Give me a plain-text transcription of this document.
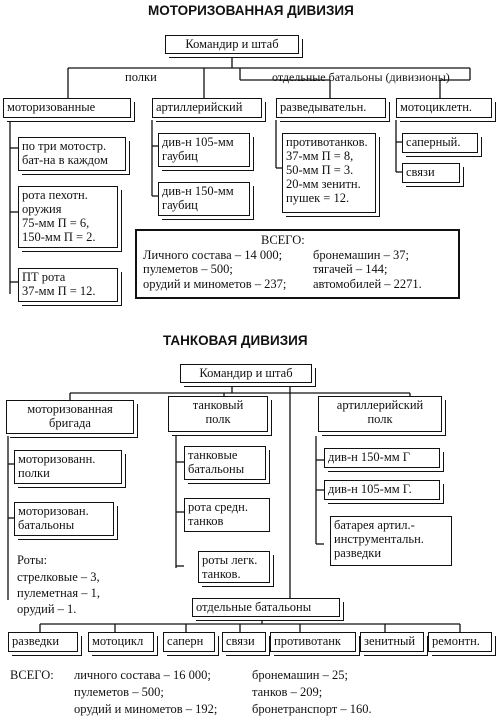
МОТОРИЗОВАННАЯ ДИВИЗИЯ
Командир и штаб
полки	отдельные батальоны (дивизионы)
моторизованные
по три мотостр.
бат-на в каждом
рота пехотн.
оружия
75-мм П = 6,
150-мм П = 2.
ПТ рота
37-мм П = 12.
артиллерийский
див-н 105-мм
гаубиц
див-н 150-мм
гаубиц
разведывательн.
противотанков.
37-мм П = 8,
50-мм П = 3.
20-мм зенитн.
пушек = 12.
мотоциклетн.
саперный.
связи
ВСЕГО:
Личного состава – 14 000;	бронемашин – 37;
пулеметов – 500;	тягачей – 144;
орудий и минометов – 237;	автомобилей – 2271.
ТАНКОВАЯ ДИВИЗИЯ
Командир и штаб
моторизованная
бригада
моторизованн.
полки
моторизован.
батальоны
Роты:
стрелковые – 3,
пулеметная – 1,
орудий – 1.
танковый
полк
танковые
батальоны
рота средн.
танков
роты легк.
танков.
артиллерийский
полк
див-н 150-мм Г
див-н 105-мм Г.
батарея артил.-
инструментальн.
разведки
отдельные батальоны
разведки	мотоцикл	саперн	связи	противотанк	зенитный	ремонтн.
ВСЕГО:	личного состава – 16 000;	бронемашин – 25;
пулеметов – 500;	танков – 209;
орудий и минометов – 192;	бронетранспорт – 160.
